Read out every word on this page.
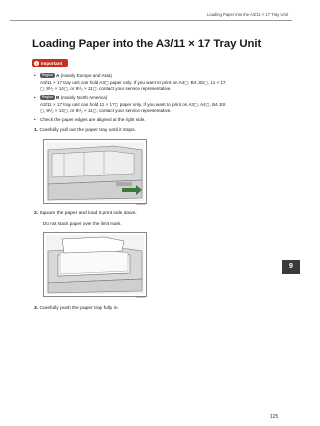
Loading Paper into the A3/11 × 17 Tray Unit
Loading Paper into the A3/11 × 17 Tray Unit
! Important
• Region A (mainly Europe and Asia)
A3/11 × 17 tray unit can hold A3◻ paper only. If you want to print on A4◻, B4 JIS◻, 11 × 17
◻, 8¹/₂ × 14◻, or 8¹/₂ × 11◻, contact your service representative.
• Region B (mainly North America)
A3/11 × 17 tray unit can hold 11 × 17◻ paper only. If you want to print on A3◻, A4◻, B4 JIS
◻, 8¹/₂ × 14◻, or 8¹/₂ × 11◻, contact your service representative.
• Check the paper edges are aligned at the right side.
1. Carefully pull out the paper tray until it stops.
CJB139
2. Square the paper and load it print side down.
Do not stack paper over the limit mark.
CJB190
3. Carefully push the paper tray fully in.
9
125
